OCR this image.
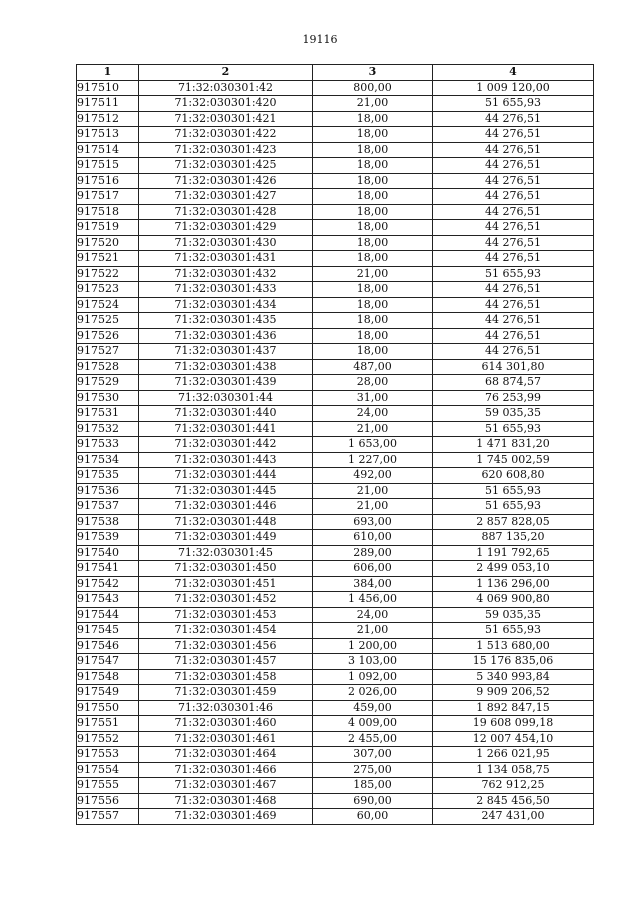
19116
1	2	3	4
917510	71:32:030301:42	800,00	1 009 120,00
917511	71:32:030301:420	21,00	51 655,93
917512	71:32:030301:421	18,00	44 276,51
917513	71:32:030301:422	18,00	44 276,51
917514	71:32:030301:423	18,00	44 276,51
917515	71:32:030301:425	18,00	44 276,51
917516	71:32:030301:426	18,00	44 276,51
917517	71:32:030301:427	18,00	44 276,51
917518	71:32:030301:428	18,00	44 276,51
917519	71:32:030301:429	18,00	44 276,51
917520	71:32:030301:430	18,00	44 276,51
917521	71:32:030301:431	18,00	44 276,51
917522	71:32:030301:432	21,00	51 655,93
917523	71:32:030301:433	18,00	44 276,51
917524	71:32:030301:434	18,00	44 276,51
917525	71:32:030301:435	18,00	44 276,51
917526	71:32:030301:436	18,00	44 276,51
917527	71:32:030301:437	18,00	44 276,51
917528	71:32:030301:438	487,00	614 301,80
917529	71:32:030301:439	28,00	68 874,57
917530	71:32:030301:44	31,00	76 253,99
917531	71:32:030301:440	24,00	59 035,35
917532	71:32:030301:441	21,00	51 655,93
917533	71:32:030301:442	1 653,00	1 471 831,20
917534	71:32:030301:443	1 227,00	1 745 002,59
917535	71:32:030301:444	492,00	620 608,80
917536	71:32:030301:445	21,00	51 655,93
917537	71:32:030301:446	21,00	51 655,93
917538	71:32:030301:448	693,00	2 857 828,05
917539	71:32:030301:449	610,00	887 135,20
917540	71:32:030301:45	289,00	1 191 792,65
917541	71:32:030301:450	606,00	2 499 053,10
917542	71:32:030301:451	384,00	1 136 296,00
917543	71:32:030301:452	1 456,00	4 069 900,80
917544	71:32:030301:453	24,00	59 035,35
917545	71:32:030301:454	21,00	51 655,93
917546	71:32:030301:456	1 200,00	1 513 680,00
917547	71:32:030301:457	3 103,00	15 176 835,06
917548	71:32:030301:458	1 092,00	5 340 993,84
917549	71:32:030301:459	2 026,00	9 909 206,52
917550	71:32:030301:46	459,00	1 892 847,15
917551	71:32:030301:460	4 009,00	19 608 099,18
917552	71:32:030301:461	2 455,00	12 007 454,10
917553	71:32:030301:464	307,00	1 266 021,95
917554	71:32:030301:466	275,00	1 134 058,75
917555	71:32:030301:467	185,00	762 912,25
917556	71:32:030301:468	690,00	2 845 456,50
917557	71:32:030301:469	60,00	247 431,00
